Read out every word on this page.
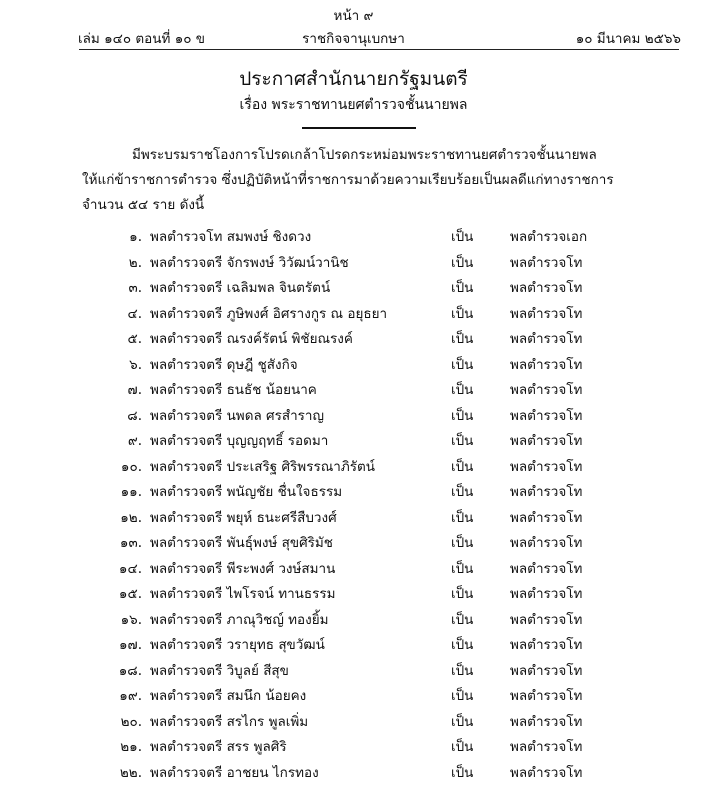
หน้า ๙
เล่ม ๑๔๐ ตอนที่ ๑๐ ข	ราชกิจจานุเบกษา	๑๐ มีนาคม ๒๕๖๖
ประกาศสำนักนายกรัฐมนตรี
เรื่อง พระราชทานยศตำรวจชั้นนายพล
มีพระบรมราชโองการโปรดเกล้าโปรดกระหม่อมพระราชทานยศตำรวจชั้นนายพล
ให้แก่ข้าราชการตำรวจ ซึ่งปฏิบัติหน้าที่ราชการมาด้วยความเรียบร้อยเป็นผลดีแก่ทางราชการ
จำนวน ๕๔ ราย ดังนี้
๑. พลตำรวจโท สมพงษ์ ชิงดวง	เป็น	พลตำรวจเอก
๒. พลตำรวจตรี จักรพงษ์ วิวัฒน์วานิช	เป็น	พลตำรวจโท
๓. พลตำรวจตรี เฉลิมพล จินตรัตน์	เป็น	พลตำรวจโท
๔. พลตำรวจตรี ภูษิพงศ์ อิศรางกูร ณ อยุธยา	เป็น	พลตำรวจโท
๕. พลตำรวจตรี ณรงค์รัตน์ พิชัยณรงค์	เป็น	พลตำรวจโท
๖. พลตำรวจตรี ดุษฎี ชูสังกิจ	เป็น	พลตำรวจโท
๗. พลตำรวจตรี ธนธัช น้อยนาค	เป็น	พลตำรวจโท
๘. พลตำรวจตรี นพดล ศรสำราญ	เป็น	พลตำรวจโท
๙. พลตำรวจตรี บุญญฤทธิ์ รอดมา	เป็น	พลตำรวจโท
๑๐. พลตำรวจตรี ประเสริฐ ศิริพรรณาภิรัตน์	เป็น	พลตำรวจโท
๑๑. พลตำรวจตรี พนัญชัย ชื่นใจธรรม	เป็น	พลตำรวจโท
๑๒. พลตำรวจตรี พยุห์ ธนะศรีสืบวงศ์	เป็น	พลตำรวจโท
๑๓. พลตำรวจตรี พันธุ์พงษ์ สุขศิริมัช	เป็น	พลตำรวจโท
๑๔. พลตำรวจตรี พีระพงศ์ วงษ์สมาน	เป็น	พลตำรวจโท
๑๕. พลตำรวจตรี ไพโรจน์ ทานธรรม	เป็น	พลตำรวจโท
๑๖. พลตำรวจตรี ภาณุวิชญ์ ทองยิ้ม	เป็น	พลตำรวจโท
๑๗. พลตำรวจตรี วรายุทธ สุขวัฒน์	เป็น	พลตำรวจโท
๑๘. พลตำรวจตรี วิบูลย์ สีสุข	เป็น	พลตำรวจโท
๑๙. พลตำรวจตรี สมนึก น้อยคง	เป็น	พลตำรวจโท
๒๐. พลตำรวจตรี สรไกร พูลเพิ่ม	เป็น	พลตำรวจโท
๒๑. พลตำรวจตรี สรร พูลศิริ	เป็น	พลตำรวจโท
๒๒. พลตำรวจตรี อาชยน ไกรทอง	เป็น	พลตำรวจโท
